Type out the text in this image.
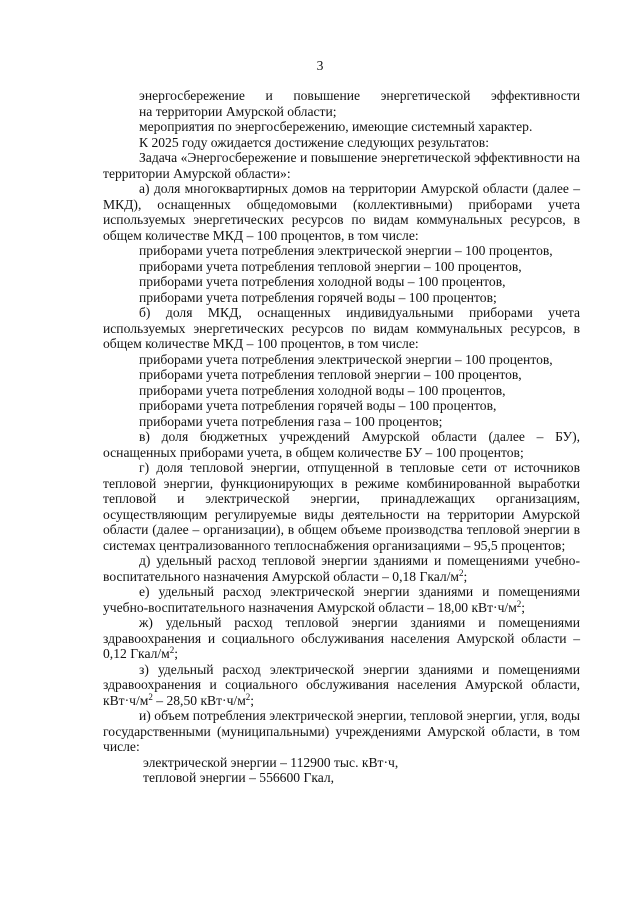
3

энергосбережение и повышение энергетической эффективности

на территории Амурской области;

мероприятия по энергосбережению, имеющие системный характер.

К 2025 году ожидается достижение следующих результатов:

Задача «Энергосбережение и повышение энергетической эффективности на территории Амурской области»:

а) доля многоквартирных домов на территории Амурской области (далее – МКД), оснащенных общедомовыми (коллективными) приборами учета используемых энергетических ресурсов по видам коммунальных ресурсов, в общем количестве МКД – 100 процентов, в том числе:

приборами учета потребления электрической энергии – 100 процентов,

приборами учета потребления тепловой энергии – 100 процентов,

приборами учета потребления холодной воды – 100 процентов,

приборами учета потребления горячей воды – 100 процентов;

б) доля МКД, оснащенных индивидуальными приборами учета используемых энергетических ресурсов по видам коммунальных ресурсов, в общем количестве МКД – 100 процентов, в том числе:

приборами учета потребления электрической энергии – 100 процентов,

приборами учета потребления тепловой энергии – 100 процентов,

приборами учета потребления холодной воды – 100 процентов,

приборами учета потребления горячей воды – 100 процентов,

приборами учета потребления газа – 100 процентов;

в) доля бюджетных учреждений Амурской области (далее – БУ), оснащенных приборами учета, в общем количестве БУ – 100 процентов;

г) доля тепловой энергии, отпущенной в тепловые сети от источников тепловой энергии, функционирующих в режиме комбинированной выработки тепловой и электрической энергии, принадлежащих организациям, осуществляющим регулируемые виды деятельности на территории Амурской области (далее – организации), в общем объеме производства тепловой энергии в системах централизованного теплоснабжения организациями – 95,5 процентов;

д) удельный расход тепловой энергии зданиями и помещениями учебно-воспитательного назначения Амурской области – 0,18 Гкал/$м^2$;

е) удельный расход электрической энергии зданиями и помещениями учебно-воспитательного назначения Амурской области – 18,00 $кВт\cdot ч/м^2$;

ж) удельный расход тепловой энергии зданиями и помещениями здравоохранения и социального обслуживания населения Амурской области – 0,12 Гкал/$м^2$;

з) удельный расход электрической энергии зданиями и помещениями здравоохранения и социального обслуживания населения Амурской области, $кВт\cdot ч/м^2 - 28,50$ $кВт\cdot ч/м^2$;

и) объем потребления электрической энергии, тепловой энергии, угля, воды государственными (муниципальными) учреждениями Амурской области, в том числе:

электрической энергии – 112900 тыс. кВт·ч,

тепловой энергии – 556600 Гкал,
